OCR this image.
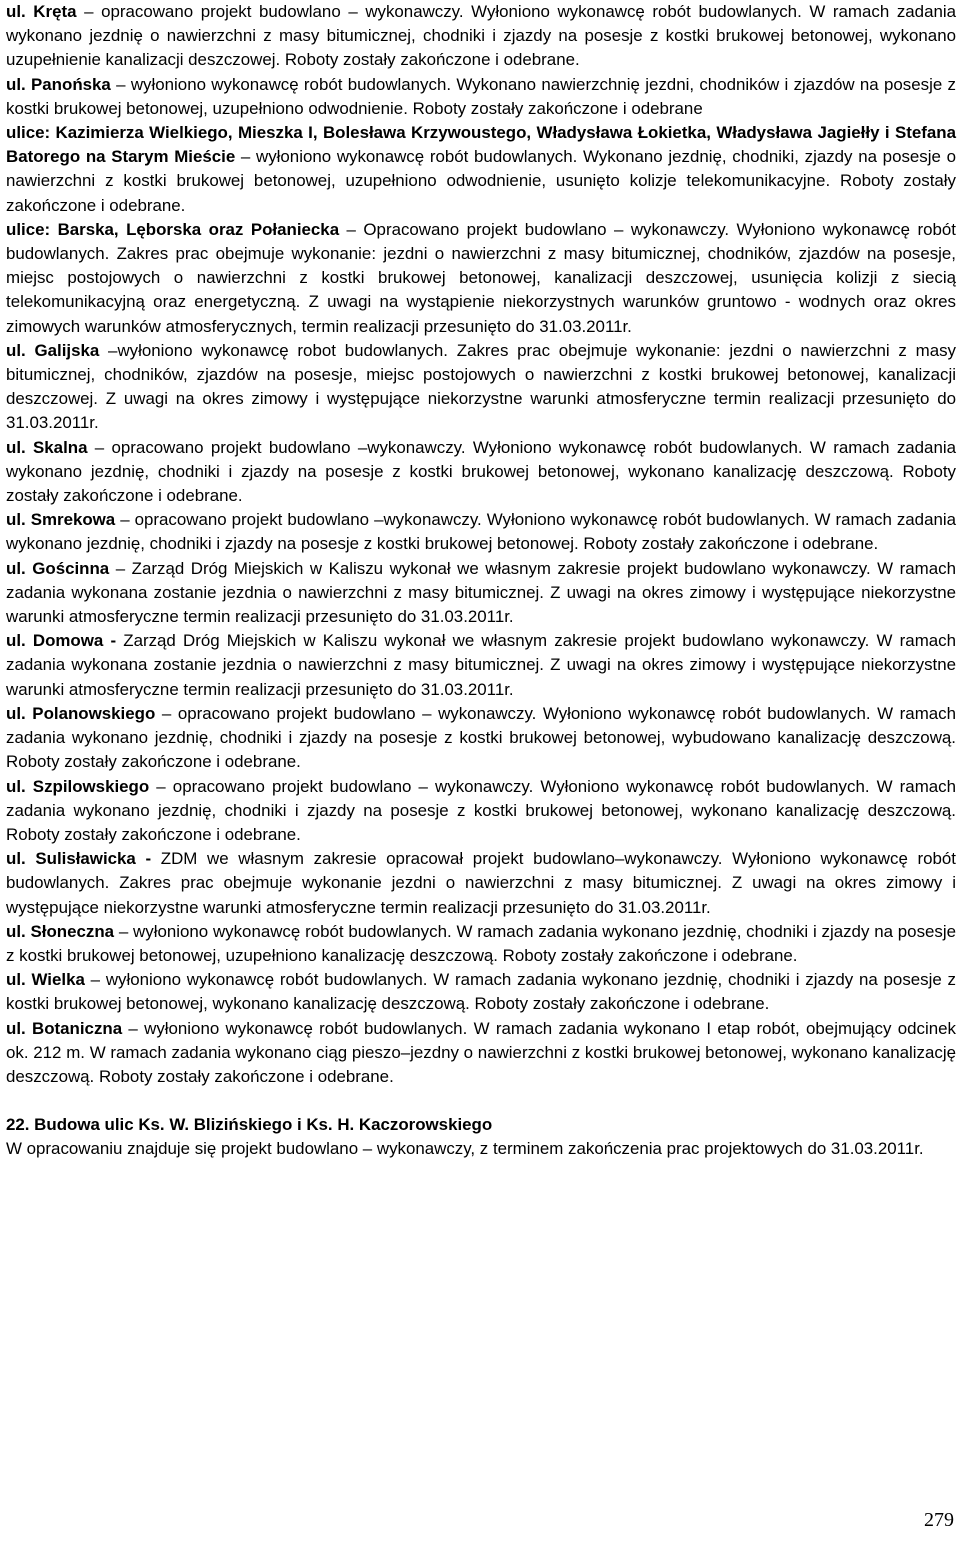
ul. Kręta – opracowano projekt budowlano – wykonawczy. Wyłoniono wykonawcę robót budowlanych. W ramach zadania wykonano jezdnię o nawierzchni z masy bitumicznej, chodniki i zjazdy na posesje z kostki brukowej betonowej, wykonano uzupełnienie kanalizacji deszczowej. Roboty zostały zakończone i odebrane.

ul. Panońska – wyłoniono wykonawcę robót budowlanych. Wykonano nawierzchnię jezdni, chodników i zjazdów na posesje z kostki brukowej betonowej, uzupełniono odwodnienie. Roboty zostały zakończone i odebrane

ulice: Kazimierza Wielkiego, Mieszka I, Bolesława Krzywoustego, Władysława Łokietka, Władysława Jagiełły i Stefana Batorego na Starym Mieście – wyłoniono wykonawcę robót budowlanych. Wykonano jezdnię, chodniki, zjazdy na posesje o nawierzchni z kostki brukowej betonowej, uzupełniono odwodnienie, usunięto kolizje telekomunikacyjne. Roboty zostały zakończone i odebrane.

ulice: Barska, Lęborska oraz Połaniecka – Opracowano projekt budowlano – wykonawczy. Wyłoniono wykonawcę robót budowlanych. Zakres prac obejmuje wykonanie: jezdni o nawierzchni z masy bitumicznej, chodników, zjazdów na posesje, miejsc postojowych o nawierzchni z kostki brukowej betonowej, kanalizacji deszczowej, usunięcia kolizji z siecią telekomunikacyjną oraz energetyczną. Z uwagi na wystąpienie niekorzystnych warunków gruntowo - wodnych oraz okres zimowych warunków atmosferycznych, termin realizacji przesunięto do 31.03.2011r.

ul. Galijska –wyłoniono wykonawcę robot budowlanych. Zakres prac obejmuje wykonanie: jezdni o nawierzchni z masy bitumicznej, chodników, zjazdów na posesje, miejsc postojowych o nawierzchni z kostki brukowej betonowej, kanalizacji deszczowej. Z uwagi na okres zimowy i występujące niekorzystne warunki atmosferyczne termin realizacji przesunięto do 31.03.2011r.

ul. Skalna – opracowano projekt budowlano –wykonawczy. Wyłoniono wykonawcę robót budowlanych. W ramach zadania wykonano jezdnię, chodniki i zjazdy na posesje z kostki brukowej betonowej, wykonano kanalizację deszczową. Roboty zostały zakończone i odebrane.

ul. Smrekowa – opracowano projekt budowlano –wykonawczy. Wyłoniono wykonawcę robót budowlanych. W ramach zadania wykonano jezdnię, chodniki i zjazdy na posesje z kostki brukowej betonowej. Roboty zostały zakończone i odebrane.

ul. Gościnna – Zarząd Dróg Miejskich w Kaliszu wykonał we własnym zakresie projekt budowlano wykonawczy. W ramach zadania wykonana zostanie jezdnia o nawierzchni z masy bitumicznej. Z uwagi na okres zimowy i występujące niekorzystne warunki atmosferyczne termin realizacji przesunięto do 31.03.2011r.

ul. Domowa - Zarząd Dróg Miejskich w Kaliszu wykonał we własnym zakresie projekt budowlano wykonawczy. W ramach zadania wykonana zostanie jezdnia o nawierzchni z masy bitumicznej. Z uwagi na okres zimowy i występujące niekorzystne warunki atmosferyczne termin realizacji przesunięto do 31.03.2011r.

ul. Polanowskiego – opracowano projekt budowlano – wykonawczy. Wyłoniono wykonawcę robót budowlanych. W ramach zadania wykonano jezdnię, chodniki i zjazdy na posesje z kostki brukowej betonowej, wybudowano kanalizację deszczową. Roboty zostały zakończone i odebrane.

ul. Szpilowskiego – opracowano projekt budowlano – wykonawczy. Wyłoniono wykonawcę robót budowlanych. W ramach zadania wykonano jezdnię, chodniki i zjazdy na posesje z kostki brukowej betonowej, wykonano kanalizację deszczową. Roboty zostały zakończone i odebrane.

ul. Sulisławicka - ZDM we własnym zakresie opracował projekt budowlano–wykonawczy. Wyłoniono wykonawcę robót budowlanych. Zakres prac obejmuje wykonanie jezdni o nawierzchni z masy bitumicznej. Z uwagi na okres zimowy i występujące niekorzystne warunki atmosferyczne termin realizacji przesunięto do 31.03.2011r.

ul. Słoneczna – wyłoniono wykonawcę robót budowlanych. W ramach zadania wykonano jezdnię, chodniki i zjazdy na posesje z kostki brukowej betonowej, uzupełniono kanalizację deszczową. Roboty zostały zakończone i odebrane.

ul. Wielka – wyłoniono wykonawcę robót budowlanych. W ramach zadania wykonano jezdnię, chodniki i zjazdy na posesje z kostki brukowej betonowej, wykonano kanalizację deszczową. Roboty zostały zakończone i odebrane.

ul. Botaniczna – wyłoniono wykonawcę robót budowlanych. W ramach zadania wykonano I etap robót, obejmujący odcinek ok. 212 m. W ramach zadania wykonano ciąg pieszo–jezdny o nawierzchni z kostki brukowej betonowej, wykonano kanalizację deszczową. Roboty zostały zakończone i odebrane.

22. Budowa ulic Ks. W. Blizińskiego i Ks. H. Kaczorowskiego

W opracowaniu znajduje się projekt budowlano – wykonawczy, z terminem zakończenia prac projektowych do 31.03.2011r.

279
